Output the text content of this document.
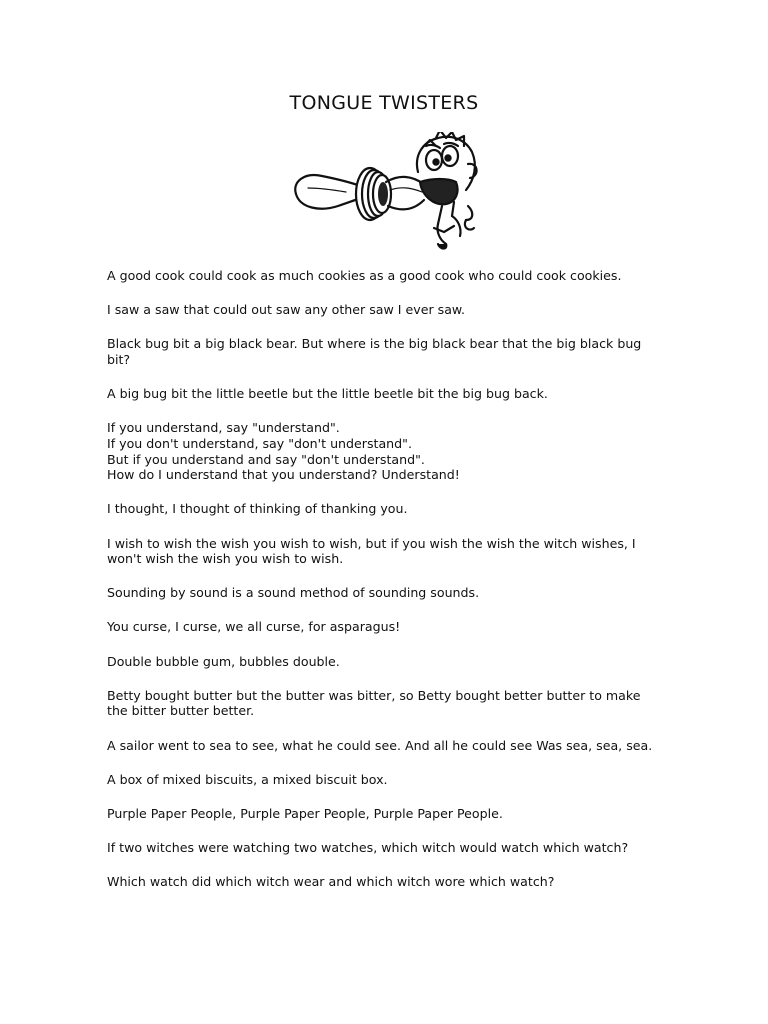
TONGUE TWISTERS
A good cook could cook as much cookies as a good cook who could cook cookies.
I saw a saw that could out saw any other saw I ever saw.
Black bug bit a big black bear. But where is the big black bear that the big black bug
bit?
A big bug bit the little beetle but the little beetle bit the big bug back.
If you understand, say "understand".
If you don't understand, say "don't understand".
But if you understand and say "don't understand".
How do I understand that you understand? Understand!
I thought, I thought of thinking of thanking you.
I wish to wish the wish you wish to wish, but if you wish the wish the witch wishes, I
won't wish the wish you wish to wish.
Sounding by sound is a sound method of sounding sounds.
You curse, I curse, we all curse, for asparagus!
Double bubble gum, bubbles double.
Betty bought butter but the butter was bitter, so Betty bought better butter to make
the bitter butter better.
A sailor went to sea to see, what he could see. And all he could see Was sea, sea, sea.
A box of mixed biscuits, a mixed biscuit box.
Purple Paper People, Purple Paper People, Purple Paper People.
If two witches were watching two watches, which witch would watch which watch?
Which watch did which witch wear and which witch wore which watch?
